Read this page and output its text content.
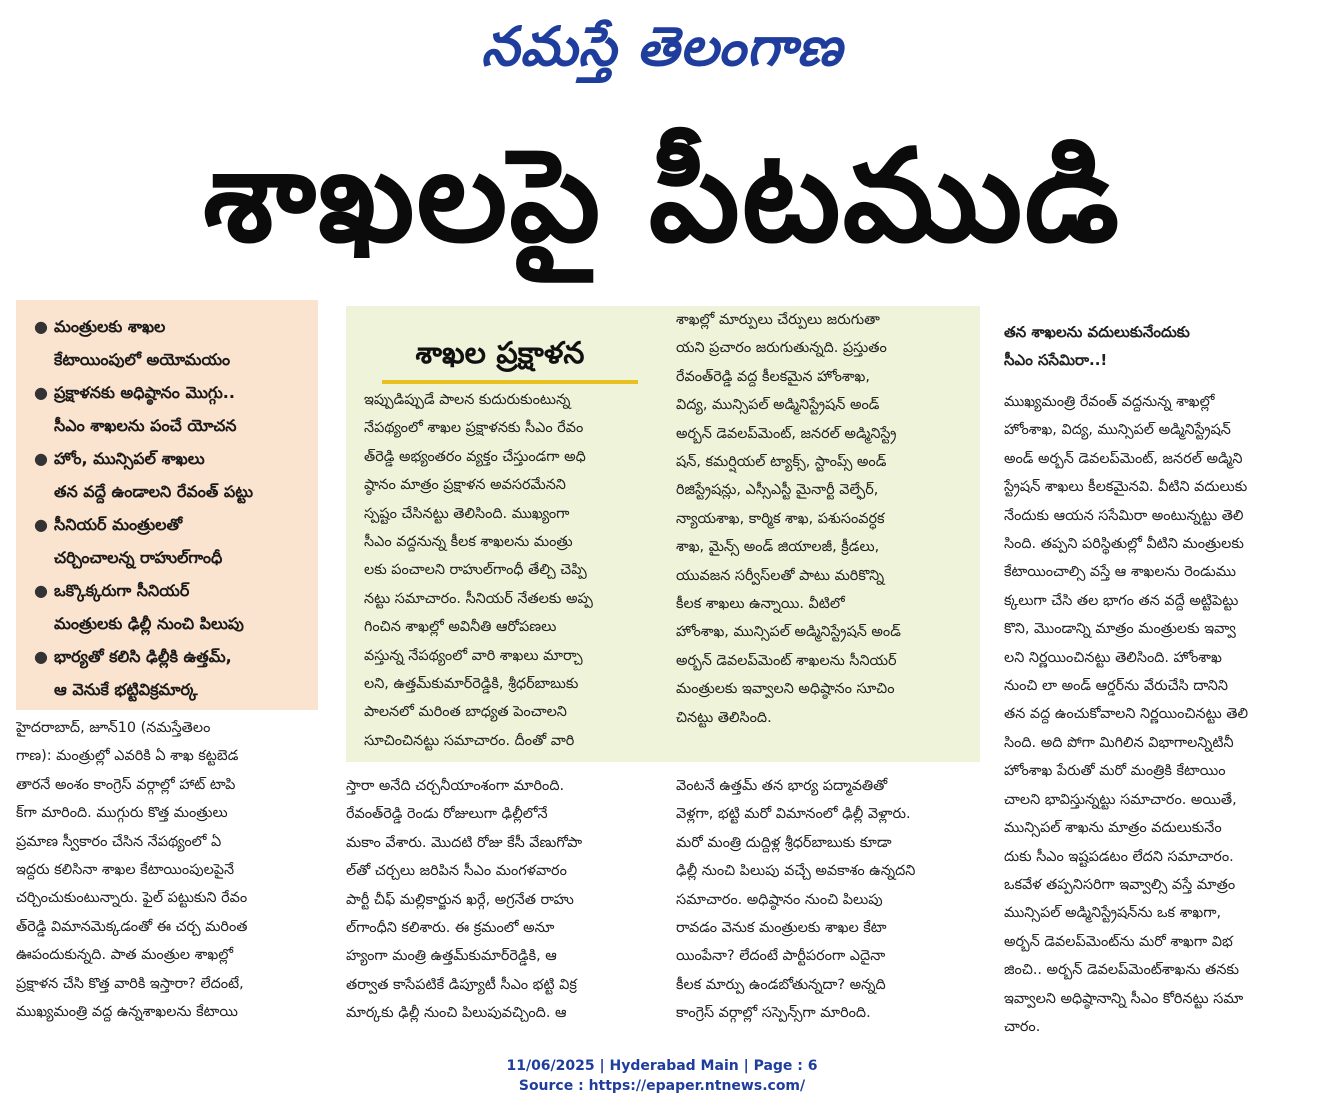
నమస్తే తెలంగాణ
శాఖలపై పీటముడి
● మంత్రులకు శాఖల
కేటాయింపులో అయోమయం
● ప్రక్షాళనకు అధిష్ఠానం మొగ్గు..
సీఎం శాఖలను పంచే యోచన
● హోం, మున్సిపల్ శాఖలు
తన వద్దే ఉండాలని రేవంత్ పట్టు
● సీనియర్ మంత్రులతో
చర్చించాలన్న రాహుల్‌గాంధీ
● ఒక్కొక్కరుగా సీనియర్
మంత్రులకు ఢిల్లీ నుంచి పిలుపు
● భార్యతో కలిసి ఢిల్లీకి ఉత్తమ్,
ఆ వెనుకే భట్టివిక్రమార్క
హైదరాబాద్, జూన్10 (నమస్తేతెలం
గాణ): మంత్రుల్లో ఎవరికి ఏ శాఖ కట్టబెడ
తారనే అంశం కాంగ్రెస్ వర్గాల్లో హాట్ టాపి
క్‌గా మారింది. ముగ్గురు కొత్త మంత్రులు
ప్రమాణ స్వీకారం చేసిన నేపథ్యంలో ఏ
ఇద్దరు కలిసినా శాఖల కేటాయింపులపైనే
చర్చించుకుంటున్నారు. ఫైల్ పట్టుకుని రేవం
త్‌రెడ్డి విమానమెక్కడంతో ఈ చర్చ మరింత
ఊపందుకున్నది. పాత మంత్రుల శాఖల్లో
ప్రక్షాళన చేసి కొత్త వారికి ఇస్తారా? లేదంటే,
ముఖ్యమంత్రి వద్ద ఉన్నశాఖలను కేటాయి
శాఖల ప్రక్షాళన
ఇప్పుడిప్పుడే పాలన కుదురుకుంటున్న
నేపథ్యంలో శాఖల ప్రక్షాళనకు సీఎం రేవం
త్‌రెడ్డి అభ్యంతరం వ్యక్తం చేస్తుండగా అధి
ష్ఠానం మాత్రం ప్రక్షాళన అవసరమేనని
స్పష్టం చేసినట్టు తెలిసింది. ముఖ్యంగా
సీఎం వద్దనున్న కీలక శాఖలను మంత్రు
లకు పంచాలని రాహుల్‌గాంధీ తేల్చి చెప్పి
నట్టు సమాచారం. సీనియర్ నేతలకు అప్ప
గించిన శాఖల్లో అవినీతి ఆరోపణలు
వస్తున్న నేపథ్యంలో వారి శాఖలు మార్చా
లని, ఉత్తమ్‌కుమార్‌రెడ్డికి, శ్రీధర్‌బాబుకు
పాలనలో మరింత బాధ్యత పెంచాలని
సూచించినట్టు సమాచారం. దీంతో వారి
శాఖల్లో మార్పులు చేర్పులు జరుగుతా
యని ప్రచారం జరుగుతున్నది. ప్రస్తుతం
రేవంత్‌రెడ్డి వద్ద కీలకమైన హోంశాఖ,
విద్య, మున్సిపల్ అడ్మినిస్ట్రేషన్ అండ్
అర్బన్ డెవలప్‌మెంట్, జనరల్ అడ్మినిస్ట్రే
షన్, కమర్షియల్ ట్యాక్స్, స్టాంప్స్ అండ్
రిజిస్ట్రేషన్లు, ఎస్సీఎస్టీ మైనార్టీ వెల్ఫేర్,
న్యాయశాఖ, కార్మిక శాఖ, పశుసంవర్ధక
శాఖ, మైన్స్ అండ్ జియాలజీ, క్రీడలు,
యువజన సర్వీస్‌లతో పాటు మరికొన్ని
కీలక శాఖలు ఉన్నాయి. వీటిలో
హోంశాఖ, మున్సిపల్ అడ్మినిస్ట్రేషన్ అండ్
అర్బన్ డెవలప్‌మెంట్ శాఖలను సీనియర్
మంత్రులకు ఇవ్వాలని అధిష్ఠానం సూచిం
చినట్టు తెలిసింది.
స్తారా అనేది చర్చనీయాంశంగా మారింది.
రేవంత్‌రెడ్డి రెండు రోజులుగా ఢిల్లీలోనే
మకాం వేశారు. మొదటి రోజు కేసీ వేణుగోపా
ల్‌తో చర్చలు జరిపిన సీఎం మంగళవారం
పార్టీ చీఫ్ మల్లికార్జున ఖర్గే, అగ్రనేత రాహు
ల్‌గాంధీని కలిశారు. ఈ క్రమంలో అనూ
హ్యంగా మంత్రి ఉత్తమ్‌కుమార్‌రెడ్డికి, ఆ
తర్వాత కాసేపటికే డిప్యూటీ సీఎం భట్టి విక్ర
మార్కకు ఢిల్లీ నుంచి పిలుపువచ్చింది. ఆ
వెంటనే ఉత్తమ్ తన భార్య పద్మావతితో
వెళ్లగా, భట్టి మరో విమానంలో ఢిల్లీ వెళ్లారు.
మరో మంత్రి దుద్దిళ్ల శ్రీధర్‌బాబుకు కూడా
ఢిల్లీ నుంచి పిలుపు వచ్చే అవకాశం ఉన్నదని
సమాచారం. అధిష్ఠానం నుంచి పిలుపు
రావడం వెనుక మంత్రులకు శాఖల కేటా
యింపేనా? లేదంటే పార్టీపరంగా ఎదైనా
కీలక మార్పు ఉండబోతున్నదా? అన్నది
కాంగ్రెస్ వర్గాల్లో సస్పెన్స్‌గా మారింది.
తన శాఖలను వదులుకునేందుకు
సీఎం ససేమిరా..!
ముఖ్యమంత్రి రేవంత్ వద్దనున్న శాఖల్లో
హోంశాఖ, విద్య, మున్సిపల్ అడ్మినిస్ట్రేషన్
అండ్ అర్బన్ డెవలప్‌మెంట్, జనరల్ అడ్మిని
స్ట్రేషన్ శాఖలు కీలకమైనవి. వీటిని వదులుకు
నేందుకు ఆయన ససేమిరా అంటున్నట్టు తెలి
సింది. తప్పని పరిస్థితుల్లో వీటిని మంత్రులకు
కేటాయించాల్సి వస్తే ఆ శాఖలను రెండుము
క్కలుగా చేసి తల భాగం తన వద్దే అట్టిపెట్టు
కొని, మొండాన్ని మాత్రం మంత్రులకు ఇవ్వా
లని నిర్ణయించినట్టు తెలిసింది. హోంశాఖ
నుంచి లా అండ్ ఆర్డర్‌ను వేరుచేసి దానిని
తన వద్ద ఉంచుకోవాలని నిర్ణయించినట్టు తెలి
సింది. అది పోగా మిగిలిన విభాగాలన్నిటినీ
హోంశాఖ పేరుతో మరో మంత్రికి కేటాయిం
చాలని భావిస్తున్నట్టు సమాచారం. అయితే,
మున్సిపల్ శాఖను మాత్రం వదులుకునేం
దుకు సీఎం ఇష్టపడటం లేదని సమాచారం.
ఒకవేళ తప్పనిసరిగా ఇవ్వాల్సి వస్తే మాత్రం
మున్సిపల్ అడ్మినిస్ట్రేషన్‌ను ఒక శాఖగా,
అర్బన్ డెవలప్‌మెంట్‌ను మరో శాఖగా విభ
జించి.. అర్బన్ డెవలప్‌మెంట్‌శాఖను తనకు
ఇవ్వాలని అధిష్ఠానాన్ని సీఎం కోరినట్టు సమా
చారం.
11/06/2025 | Hyderabad Main | Page : 6
Source : https://epaper.ntnews.com/
